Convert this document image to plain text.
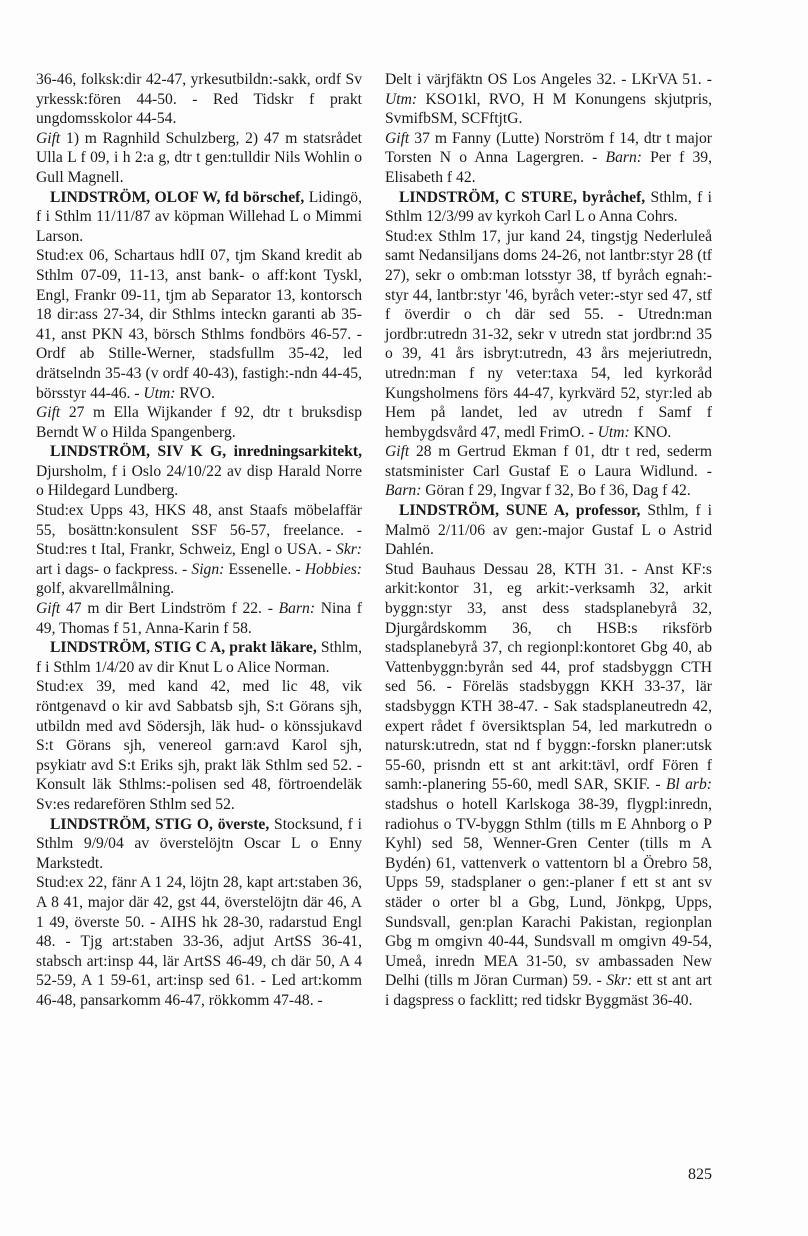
36-46, folksk:dir 42-47, yrkesutbildn:-sakk, ordf Sv yrkessk:fören 44-50. - Red Tidskr f prakt ungdomsskolor 44-54.
Gift 1) m Ragnhild Schulzberg, 2) 47 m statsrådet Ulla L f 09, i h 2:a g, dtr t gen:tulldir Nils Wohlin o Gull Magnell.

LINDSTRÖM, OLOF W, fd börschef, Lidingö, f i Sthlm 11/11/87 av köpman Willehad L o Mimmi Larson.

Stud:ex 06, Schartaus hdlI 07, tjm Skand kredit ab Sthlm 07-09, 11-13, anst bank- o aff:kont Tyskl, Engl, Frankr 09-11, tjm ab Separator 13, kontorsch 18 dir:ass 27-34, dir Sthlms inteckn garanti ab 35-41, anst PKN 43, börsch Sthlms fondbörs 46-57. - Ordf ab Stille-Werner, stadsfullm 35-42, led drätselndn 35-43 (v ordf 40-43), fastigh:-ndn 44-45, börsstyr 44-46. - Utm: RVO.
Gift 27 m Ella Wijkander f 92, dtr t bruksdisp Berndt W o Hilda Spangenberg.

LINDSTRÖM, SIV K G, inredningsarkitekt, Djursholm, f i Oslo 24/10/22 av disp Harald Norre o Hildegard Lundberg.

Stud:ex Upps 43, HKS 48, anst Staafs möbelaffär 55, bosättn:konsulent SSF 56-57, freelance. - Stud:res t Ital, Frankr, Schweiz, Engl o USA. - Skr: art i dags- o fackpress. - Sign: Essenelle. - Hobbies: golf, akvarellmålning.
Gift 47 m dir Bert Lindström f 22. - Barn: Nina f 49, Thomas f 51, Anna-Karin f 58.

LINDSTRÖM, STIG C A, prakt läkare, Sthlm, f i Sthlm 1/4/20 av dir Knut L o Alice Norman.

Stud:ex 39, med kand 42, med lic 48, vik röntgenavd o kir avd Sabbatsb sjh, S:t Görans sjh, utbildn med avd Södersjh, läk hud- o könssjukavd S:t Görans sjh, venereol garn:avd Karol sjh, psykiatr avd S:t Eriks sjh, prakt läk Sthlm sed 52. - Konsult läk Sthlms:-polisen sed 48, förtroendeläk Sv:es redarefören Sthlm sed 52.

LINDSTRÖM, STIG O, överste, Stocksund, f i Sthlm 9/9/04 av överstelöjtn Oscar L o Enny Markstedt.

Stud:ex 22, fänr A 1 24, löjtn 28, kapt art:staben 36, A 8 41, major där 42, gst 44, överstelöjtn där 46, A 1 49, överste 50. - AIHS hk 28-30, radarstud Engl 48. - Tjg art:staben 33-36, adjut ArtSS 36-41, stabsch art:insp 44, lär ArtSS 46-49, ch där 50, A 4 52-59, A 1 59-61, art:insp sed 61. - Led art:komm 46-48, pansarkomm 46-47, rökkomm 47-48. -

Delt i värjfäktn OS Los Angeles 32. - LKrVA 51. - Utm: KSO1kl, RVO, H M Konungens skjutpris, SvmifbSM, SCFftjtG.
Gift 37 m Fanny (Lutte) Norström f 14, dtr t major Torsten N o Anna Lagergren. - Barn: Per f 39, Elisabeth f 42.

LINDSTRÖM, C STURE, byråchef, Sthlm, f i Sthlm 12/3/99 av kyrkoh Carl L o Anna Cohrs.

Stud:ex Sthlm 17, jur kand 24, tingstjg Nederluleå samt Nedansiljans doms 24-26, not lantbr:styr 28 (tf 27), sekr o omb:man lotsstyr 38, tf byråch egnah:-styr 44, lantbr:styr '46, byråch veter:-styr sed 47, stf f överdir o ch där sed 55. - Utredn:man jordbr:utredn 31-32, sekr v utredn stat jordbr:nd 35 o 39, 41 års isbryt:utredn, 43 års mejeriutredn, utredn:man f ny veter:taxa 54, led kyrkoråd Kungsholmens förs 44-47, kyrkvärd 52, styr:led ab Hem på landet, led av utredn f Samf f hembygdsvård 47, medl FrimO. - Utm: KNO.
Gift 28 m Gertrud Ekman f 01, dtr t red, sederm statsminister Carl Gustaf E o Laura Widlund. - Barn: Göran f 29, Ingvar f 32, Bo f 36, Dag f 42.

LINDSTRÖM, SUNE A, professor, Sthlm, f i Malmö 2/11/06 av gen:-major Gustaf L o Astrid Dahlén.

Stud Bauhaus Dessau 28, KTH 31. - Anst KF:s arkit:kontor 31, eg arkit:-verksamh 32, arkit byggn:styr 33, anst dess stadsplanebyrå 32, Djurgårdskomm 36, ch HSB:s riksförb stadsplanebyrå 37, ch regionpl:kontoret Gbg 40, ab Vattenbyggn:byrån sed 44, prof stadsbyggn CTH sed 56. - Föreläs stadsbyggn KKH 33-37, lär stadsbyggn KTH 38-47. - Sak stadsplaneutredn 42, expert rådet f översiktsplan 54, led markutredn o natursk:utredn, stat nd f byggn:-forskn planer:utsk 55-60, prisndn ett st ant arkit:tävl, ordf Fören f samh:-planering 55-60, medl SAR, SKIF. - Bl arb: stadshus o hotell Karlskoga 38-39, flygpl:inredn, radiohus o TV-byggn Sthlm (tills m E Ahnborg o P Kyhl) sed 58, Wenner-Gren Center (tills m A Bydén) 61, vattenverk o vattentorn bl a Örebro 58, Upps 59, stadsplaner o gen:-planer f ett st ant sv städer o orter bl a Gbg, Lund, Jönkpg, Upps, Sundsvall, gen:plan Karachi Pakistan, regionplan Gbg m omgivn 40-44, Sundsvall m omgivn 49-54, Umeå, inredn MEA 31-50, sv ambassaden New Delhi (tills m Jöran Curman) 59. - Skr: ett st ant art i dagspress o facklitt; red tidskr Byggmäst 36-40.

825
